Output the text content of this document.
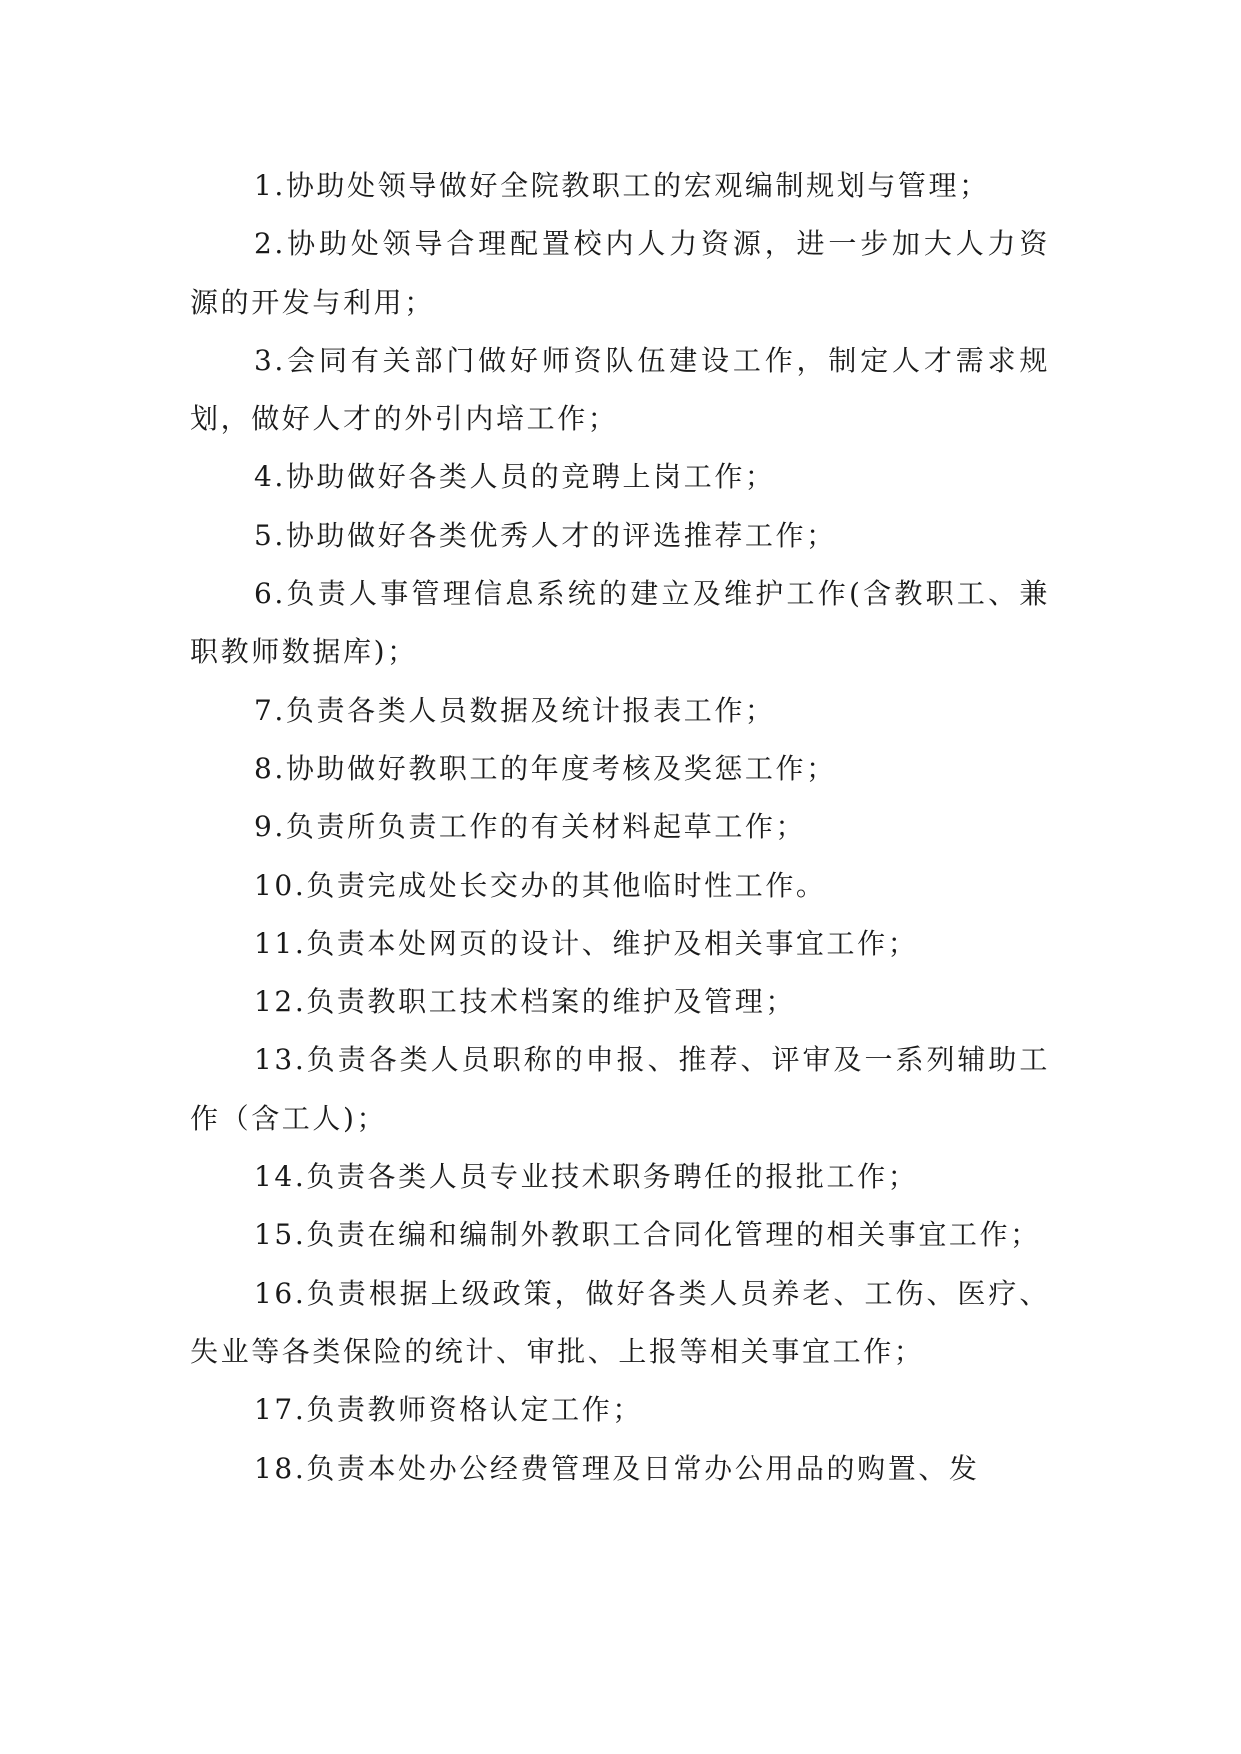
1.协助处领导做好全院教职工的宏观编制规划与管理；

2.协助处领导合理配置校内人力资源，进一步加大人力资源的开发与利用；

3.会同有关部门做好师资队伍建设工作，制定人才需求规划，做好人才的外引内培工作；

4.协助做好各类人员的竞聘上岗工作；

5.协助做好各类优秀人才的评选推荐工作；

6.负责人事管理信息系统的建立及维护工作(含教职工、兼职教师数据库)；

7.负责各类人员数据及统计报表工作；

8.协助做好教职工的年度考核及奖惩工作；

9.负责所负责工作的有关材料起草工作；

10.负责完成处长交办的其他临时性工作。

11.负责本处网页的设计、维护及相关事宜工作；

12.负责教职工技术档案的维护及管理；

13.负责各类人员职称的申报、推荐、评审及一系列辅助工作（含工人)；

14.负责各类人员专业技术职务聘任的报批工作；

15.负责在编和编制外教职工合同化管理的相关事宜工作；

16.负责根据上级政策，做好各类人员养老、工伤、医疗、失业等各类保险的统计、审批、上报等相关事宜工作；

17.负责教师资格认定工作；

18.负责本处办公经费管理及日常办公用品的购置、发
